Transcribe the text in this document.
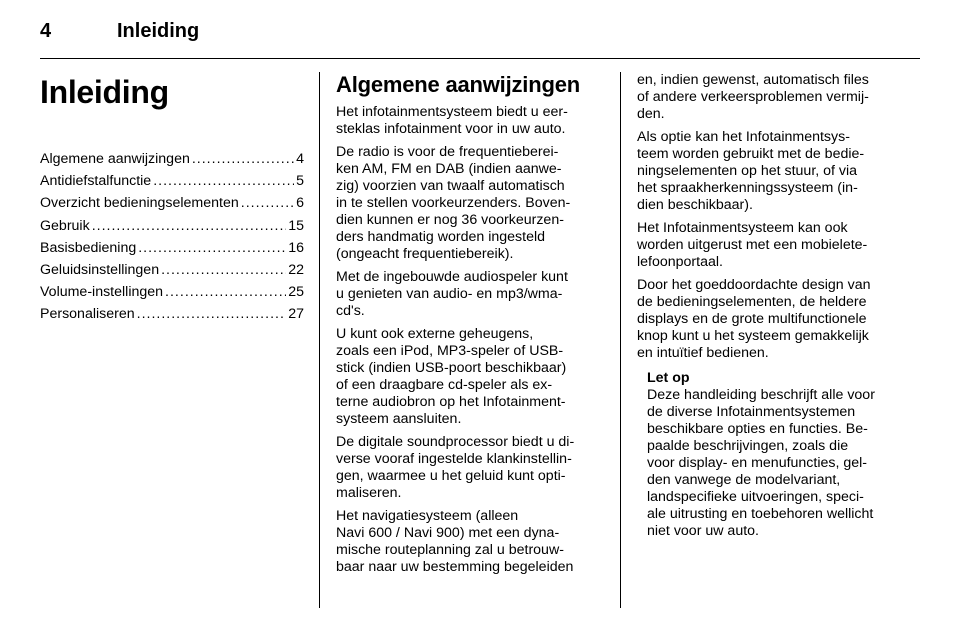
4	Inleiding
Inleiding
Algemene aanwijzingen .....	4
Antidiefstalfunctie .....	5
Overzicht bedieningselementen .....	6
Gebruik .....	15
Basisbediening .....	16
Geluidsinstellingen .....	22
Volume-instellingen .....	25
Personaliseren .....	27
Algemene aanwijzingen
Het infotainmentsysteem biedt u eer-
steklas infotainment voor in uw auto.
De radio is voor de frequentieberei-
ken AM, FM en DAB (indien aanwe-
zig) voorzien van twaalf automatisch
in te stellen voorkeurzenders. Boven-
dien kunnen er nog 36 voorkeurzen-
ders handmatig worden ingesteld
(ongeacht frequentiebereik).
Met de ingebouwde audiospeler kunt
u genieten van audio- en mp3/wma-
cd's.
U kunt ook externe geheugens,
zoals een iPod, MP3-speler of USB-
stick (indien USB-poort beschikbaar)
of een draagbare cd-speler als ex-
terne audiobron op het Infotainment-
systeem aansluiten.
De digitale soundprocessor biedt u di-
verse vooraf ingestelde klankinstellin-
gen, waarmee u het geluid kunt opti-
maliseren.
Het navigatiesysteem (alleen
Navi 600 / Navi 900) met een dyna-
mische routeplanning zal u betrouw-
baar naar uw bestemming begeleiden
en, indien gewenst, automatisch files
of andere verkeersproblemen vermij-
den.
Als optie kan het Infotainmentsys-
teem worden gebruikt met de bedie-
ningselementen op het stuur, of via
het spraakherkenningssysteem (in-
dien beschikbaar).
Het Infotainmentsysteem kan ook
worden uitgerust met een mobielete-
lefoonportaal.
Door het goeddoordachte design van
de bedieningselementen, de heldere
displays en de grote multifunctionele
knop kunt u het systeem gemakkelijk
en intuïtief bedienen.
Let op
Deze handleiding beschrijft alle voor
de diverse Infotainmentsystemen
beschikbare opties en functies. Be-
paalde beschrijvingen, zoals die
voor display- en menufuncties, gel-
den vanwege de modelvariant,
landspecifieke uitvoeringen, speci-
ale uitrusting en toebehoren wellicht
niet voor uw auto.
